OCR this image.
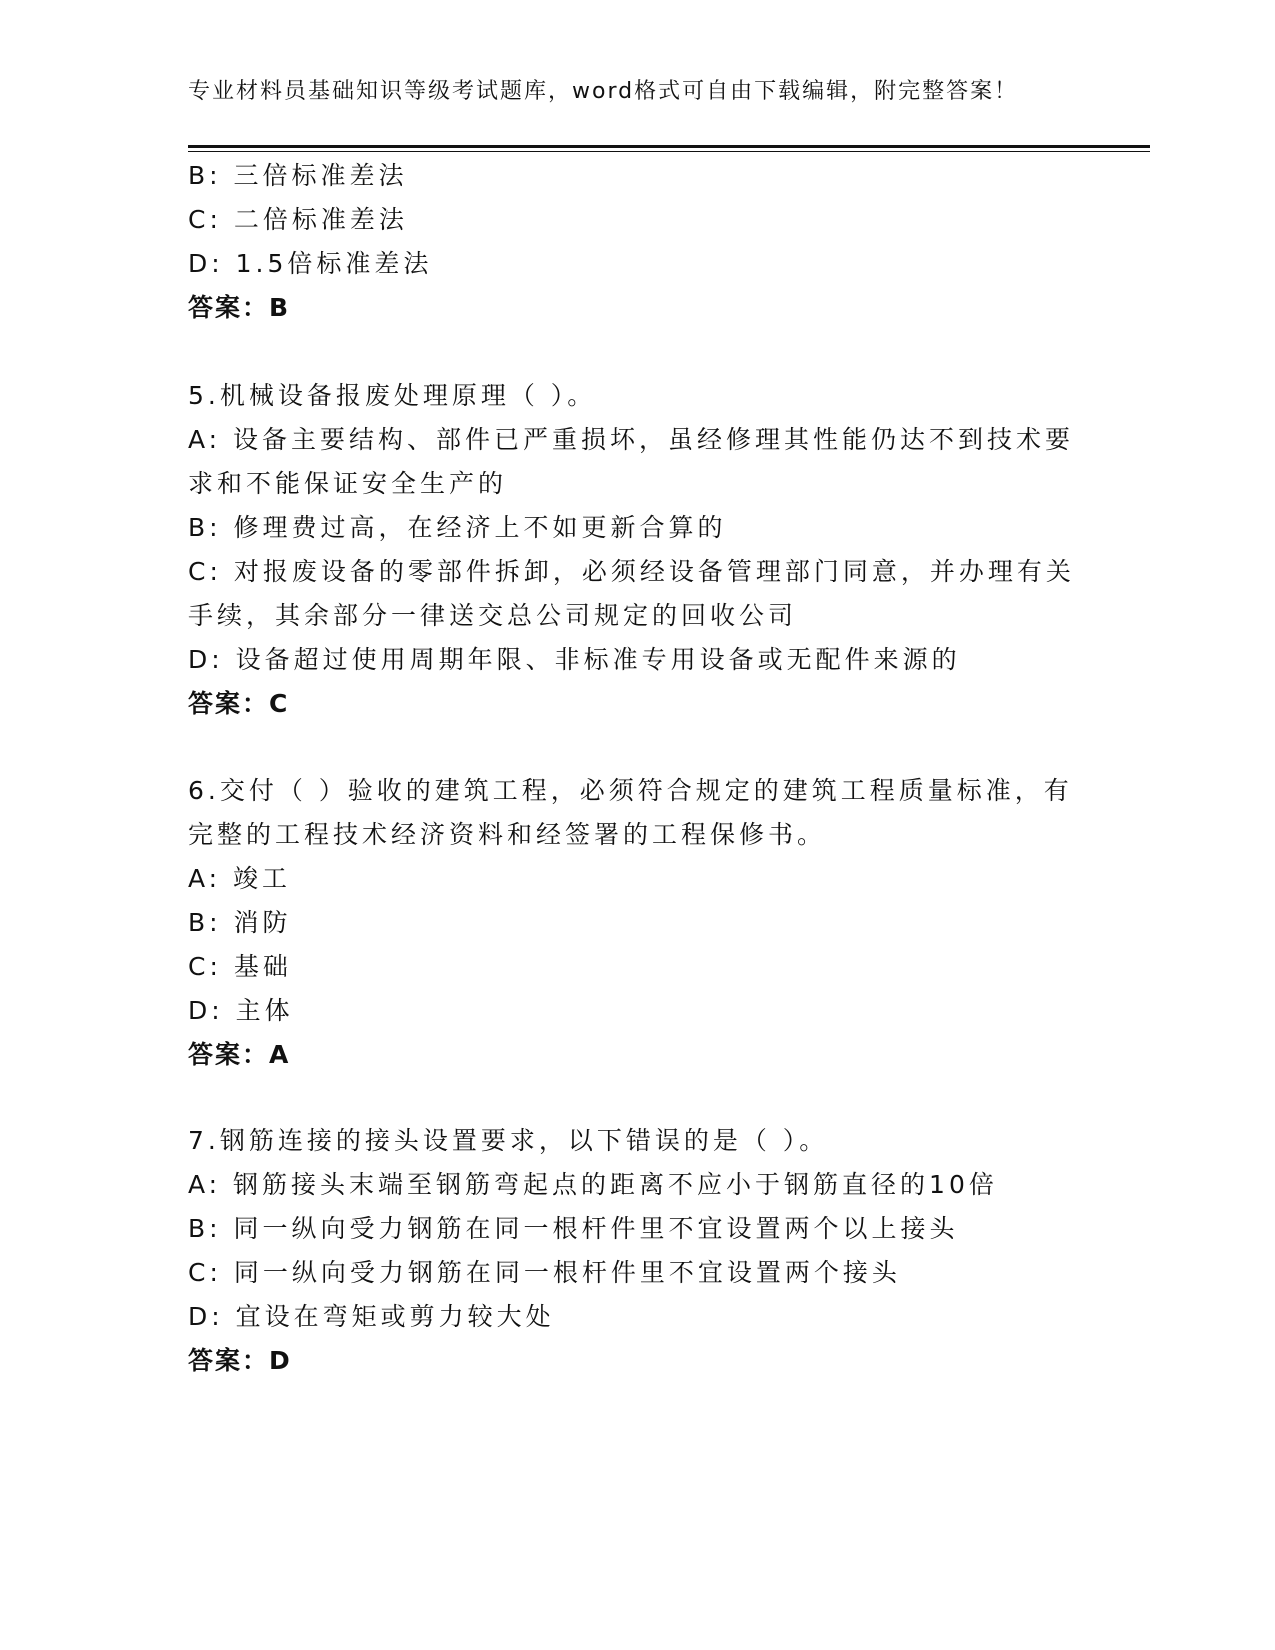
专业材料员基础知识等级考试题库，word格式可自由下载编辑，附完整答案！
B: 三倍标准差法
C: 二倍标准差法
D: 1.5倍标准差法
答案：B
5.机械设备报废处理原理（ ）。
A: 设备主要结构、部件已严重损坏，虽经修理其性能仍达不到技术要
求和不能保证安全生产的
B: 修理费过高，在经济上不如更新合算的
C: 对报废设备的零部件拆卸，必须经设备管理部门同意，并办理有关
手续，其余部分一律送交总公司规定的回收公司
D: 设备超过使用周期年限、非标准专用设备或无配件来源的
答案：C
6.交付（ ）验收的建筑工程，必须符合规定的建筑工程质量标准，有
完整的工程技术经济资料和经签署的工程保修书。
A: 竣工
B: 消防
C: 基础
D: 主体
答案：A
7.钢筋连接的接头设置要求，以下错误的是（ ）。
A: 钢筋接头末端至钢筋弯起点的距离不应小于钢筋直径的10倍
B: 同一纵向受力钢筋在同一根杆件里不宜设置两个以上接头
C: 同一纵向受力钢筋在同一根杆件里不宜设置两个接头
D: 宜设在弯矩或剪力较大处
答案：D
